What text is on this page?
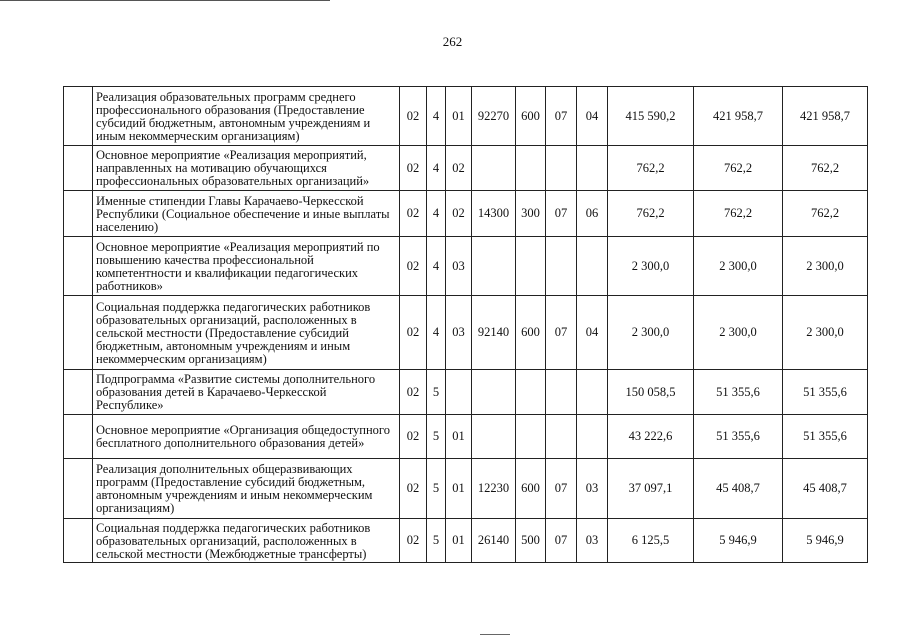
262
	Реализация образовательных программ среднего профессионального образования (Предоставление субсидий бюджетным, автономным учреждениям и иным некоммерческим организациям)	02	4	01	92270	600	07	04	415 590,2	421 958,7	421 958,7
	Основное мероприятие «Реализация мероприятий, направленных на мотивацию обучающихся профессиональных образовательных организаций»	02	4	02					762,2	762,2	762,2
	Именные стипендии Главы Карачаево-Черкесской Республики (Социальное обеспечение и иные выплаты населению)	02	4	02	14300	300	07	06	762,2	762,2	762,2
	Основное мероприятие «Реализация мероприятий по повышению качества профессиональной компетентности и квалификации педагогических работников»	02	4	03					2 300,0	2 300,0	2 300,0
	Социальная поддержка педагогических работников образовательных организаций, расположенных в сельской местности (Предоставление субсидий бюджетным, автономным учреждениям и иным некоммерческим организациям)	02	4	03	92140	600	07	04	2 300,0	2 300,0	2 300,0
	Подпрограмма «Развитие системы дополнительного образования детей в Карачаево-Черкесской Республике»	02	5						150 058,5	51 355,6	51 355,6
	Основное мероприятие «Организация общедоступного бесплатного дополнительного образования детей»	02	5	01					43 222,6	51 355,6	51 355,6
	Реализация дополнительных общеразвивающих программ (Предоставление субсидий бюджетным, автономным учреждениям и иным некоммерческим организациям)	02	5	01	12230	600	07	03	37 097,1	45 408,7	45 408,7
	Социальная поддержка педагогических работников образовательных организаций, расположенных в сельской местности (Межбюджетные трансферты)	02	5	01	26140	500	07	03	6 125,5	5 946,9	5 946,9
